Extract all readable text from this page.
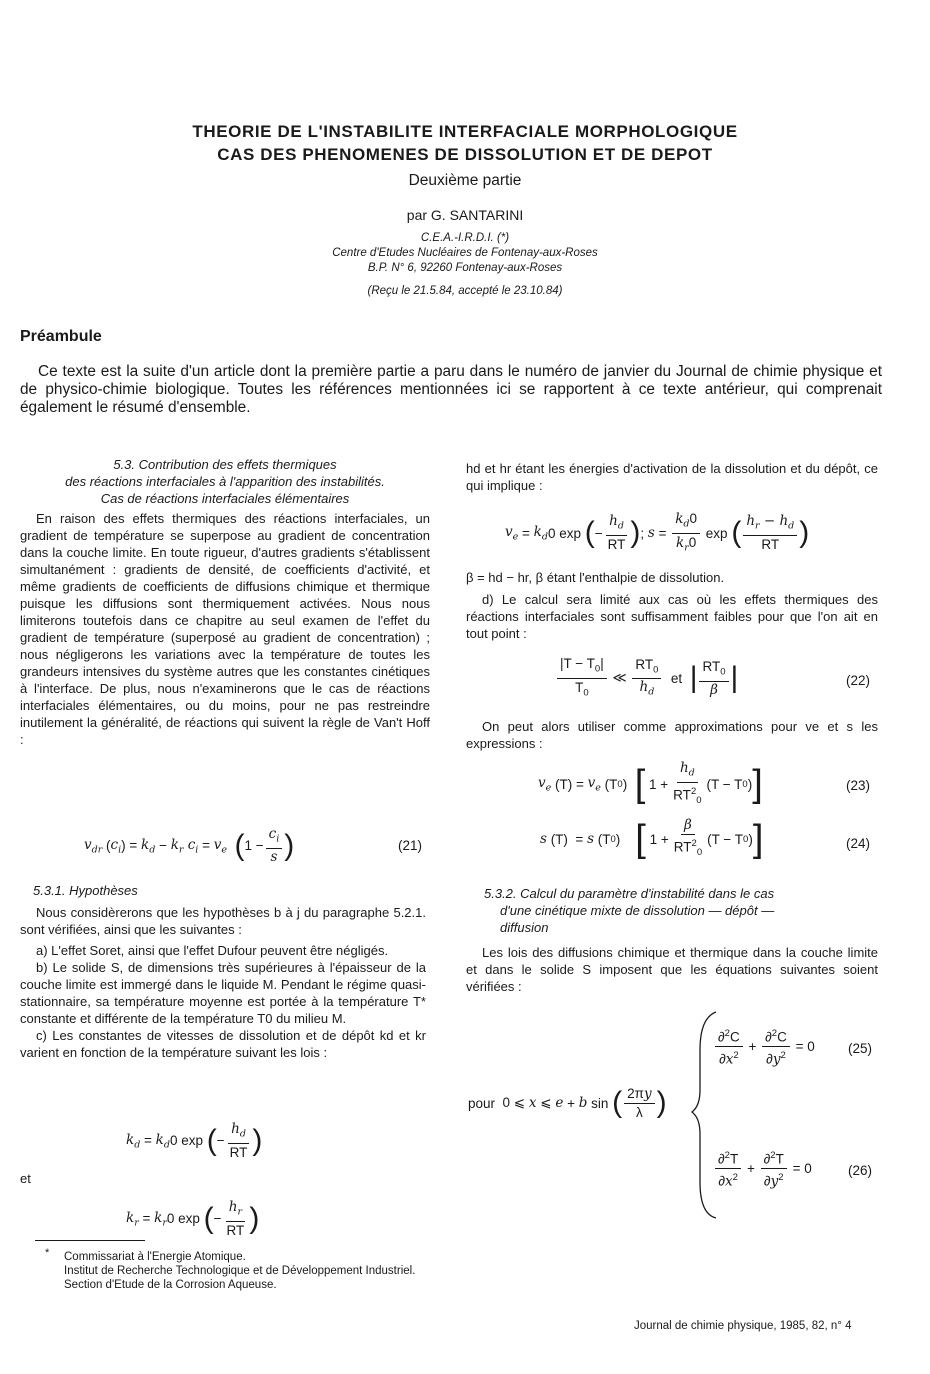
THEORIE DE L'INSTABILITE INTERFACIALE MORPHOLOGIQUE
CAS DES PHENOMENES DE DISSOLUTION ET DE DEPOT
Deuxième partie
par G. SANTARINI
C.E.A.-I.R.D.I. (*)
Centre d'Etudes Nucléaires de Fontenay-aux-Roses
B.P. N° 6, 92260 Fontenay-aux-Roses
(Reçu le 21.5.84, accepté le 23.10.84)
Préambule
Ce texte est la suite d'un article dont la première partie a paru dans le numéro de janvier du Journal de chimie physique et de physico-chimie biologique. Toutes les références mentionnées ici se rapportent à ce texte antérieur, qui comprenait également le résumé d'ensemble.
5.3. Contribution des effets thermiques
des réactions interfaciales à l'apparition des instabilités.
Cas de réactions interfaciales élémentaires

En raison des effets thermiques des réactions interfaciales, un gradient de température se superpose au gradient de concentration dans la couche limite. En toute rigueur, d'autres gradients s'établissent simultanément : gradients de densité, de coefficients d'activité, et même gradients de coefficients de diffusions chimique et thermique puisque les diffusions sont thermiquement activées. Nous nous limiterons toutefois dans ce chapitre au seul examen de l'effet du gradient de température (superposé au gradient de concentration) ; nous négligerons les variations avec la température de toutes les grandeurs intensives du système autres que les constantes cinétiques à l'interface. De plus, nous n'examinerons que le cas de réactions interfaciales élémentaires, ou du moins, pour ne pas restreindre inutilement la généralité, de réactions qui suivent la règle de Van't Hoff :

$v_{dr}$
( $c_i$ ) = $k_d - k_r$ $c_i = v_e$
( $1 - \frac{c_i}{s}$ )	(21)
5.3.1. Hypothèses

Nous considèrerons que les hypothèses b à j du paragraphe 5.2.1. sont vérifiées, ainsi que les suivantes :

a) L'effet Soret, ainsi que l'effet Dufour peuvent être négligés.

b) Le solide S, de dimensions très supérieures à l'épaisseur de la couche limite est immergé dans le liquide M. Pendant le régime quasi-stationnaire, sa température moyenne est portée à la température T* constante et différente de la température T0 du milieu M.

c) Les constantes de vitesses de dissolution et de dépôt kd et kr varient en fonction de la température suivant les lois :

$k_d = k_d$ 0 exp ( − $\frac{h_d}{RT}$ )
et
$k_r = k_r$ 0 exp ( − $\frac{h_r}{RT}$ )
* Commissariat à l'Energie Atomique.
Institut de Recherche Technologique et de Développement Industriel.
Section d'Etude de la Corrosion Aqueuse.

hd et hr étant les énergies d'activation de la dissolution et du dépôt, ce qui implique :

$v_e = k_d$ 0 exp ( − $\frac{h_d}{RT}$ ) ; $s = \frac{k_d0}{k_r0}$ exp ( $\frac{h_r - h_d}{RT}$ )

β = hd − hr, β étant l'enthalpie de dissolution.

d) Le calcul sera limité aux cas où les effets thermiques des réactions interfaciales sont suffisamment faibles pour que l'on ait en tout point :

$\frac{|T - T_0|}{T_0}$ ≪ $\frac{RT_0}{h_d}$ et | $\frac{RT_0}{\beta}$ |	(22)

On peut alors utiliser comme approximations pour ve et s les expressions :

$v_e$ $(T) = v_e$ (T 0 ) [ $1 + \frac{h_d}{RT^2_0} (T - T$ 0 ) ]	(23)
s (T)  = s (T 0 ) [ $1 + \frac{\beta}{RT^2_0} (T - T$ 0 ) ]	(24)
5.3.2. Calcul du paramètre d'instabilité dans le cas
d'une cinétique mixte de dissolution — dépôt —
diffusion

Les lois des diffusions chimique et thermique dans la couche limite et dans le solide S imposent que les équations suivantes soient vérifiées :

pour 0 ⩽ x ⩽ e + b sin ( $\frac{2\pi y}{\lambda}$ )
$\frac{\partial^2C}{\partial x^2} + \frac{\partial^2C}{\partial y^2} = 0$ (25)
$\frac{\partial^2T}{\partial x^2} + \frac{\partial^2T}{\partial y^2} = 0$	(26)
Journal de chimie physique, 1985, 82, n° 4
